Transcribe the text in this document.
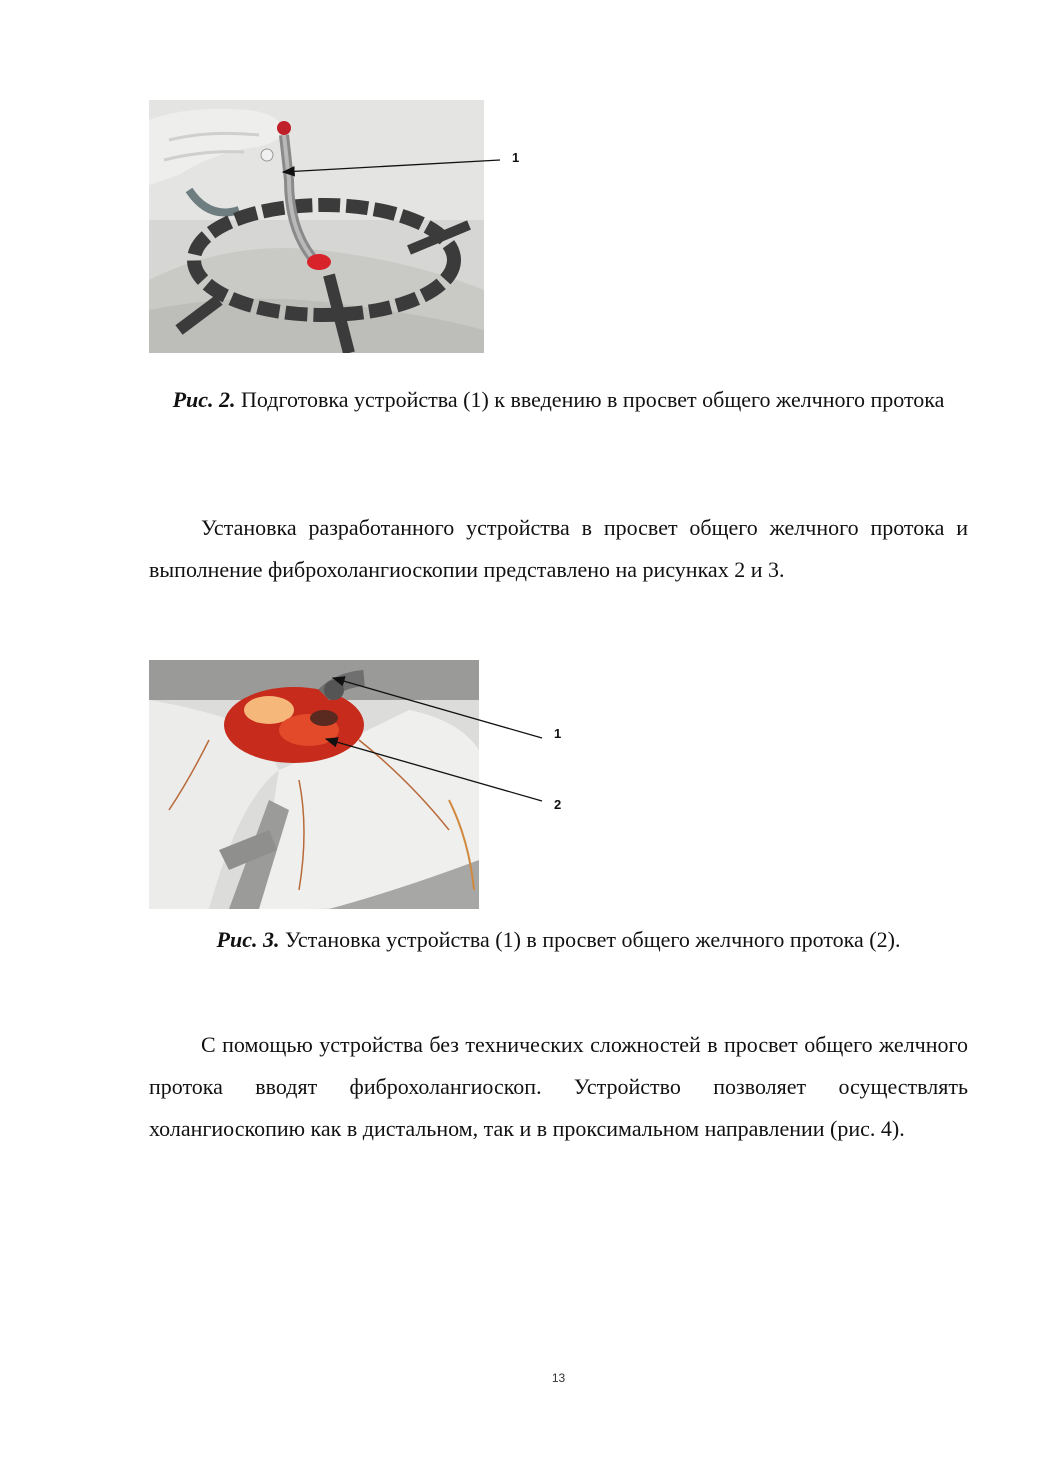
1
1
2
Рис. 2. Подготовка устройства (1) к введению в просвет общего желчного протока

Установка разработанного устройства в просвет общего желчного протока и выполнение фиброхолангиоскопии представлено на рисунках 2 и 3.

Рис. 3. Установка устройства (1) в просвет общего желчного протока (2).

С помощью устройства без технических сложностей в просвет общего желчного протока вводят фиброхолангиоскоп. Устройство позволяет осуществлять холангиоскопию как в дистальном, так и в проксимальном направлении (рис. 4).

13
